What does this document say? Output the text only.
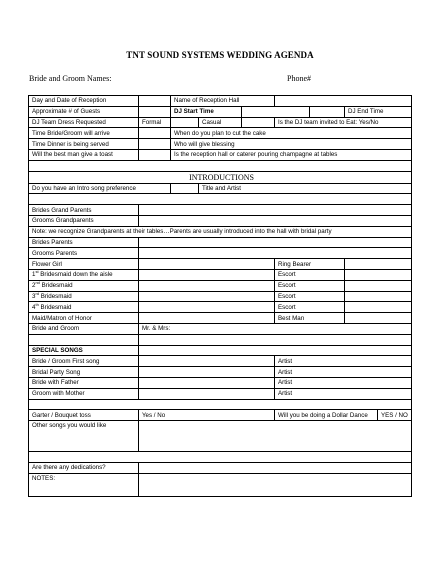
TNT SOUND SYSTEMS WEDDING AGENDA
Bride and Groom Names:	Phone#
Day and Date of Reception		Name of Reception Hall						
Approximate # of Guests		DJ Start Time					DJ End Time	
DJ Team Dress Requested	Formal		Casual		Is the DJ team invited to Eat: Yes/No			
Time Bride/Groom will arrive		When do you plan to cut the cake						
Time Dinner is being served		Who will give blessing						
Will the best man give a toast		Is the reception hall or caterer pouring champagne at tables						

INTRODUCTIONS								
Do you have an Intro song preference			Title and Artist					

Brides Grand Parents								
Grooms Grandparents								
Note: we recognize Grandparents at their tables…Parents are usually introduced into the hall with bridal party								
Brides Parents								
Grooms Parents								
Flower Girl					Ring Bearer			
1st Bridesmaid down the aisle					Escort			
2nd Bridesmaid					Escort			
3rd Bridesmaid					Escort			
4th Bridesmaid					Escort			
Maid/Matron of Honor					Best Man			
Bride and Groom	Mr. & Mrs:							

SPECIAL SONGS								
Bride / Groom First song					Artist			
Bridal Party Song					Artist			
Bride with Father					Artist			
Groom with Mother					Artist			

Garter / Bouquet toss	Yes / No				Will you be doing a Dollar Dance			YES / NO
Other songs you would like								

Are there any dedications?								
NOTES:								
